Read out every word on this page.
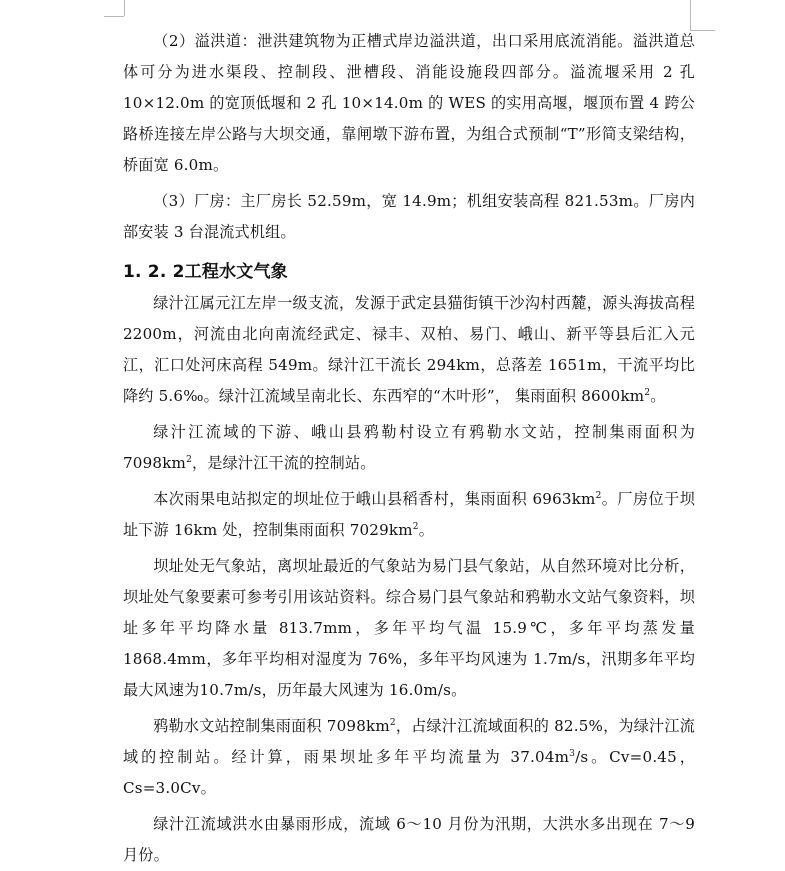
（2）溢洪道：泄洪建筑物为正槽式岸边溢洪道，出口采用底流消能。溢洪道总体可分为进水渠段、控制段、泄槽段、消能设施段四部分。溢流堰采用 2 孔10×12.0m 的宽顶低堰和 2 孔 10×14.0m 的 WES 的实用高堰，堰顶布置 4 跨公路桥连接左岸公路与大坝交通，靠闸墩下游布置，为组合式预制“T”形简支梁结构，桥面宽 6.0m。

（3）厂房：主厂房长 52.59m，宽 14.9m；机组安装高程 821.53m。厂房内部安装 3 台混流式机组。

1. 2. 2工程水文气象

绿汁江属元江左岸一级支流，发源于武定县猫街镇干沙沟村西麓，源头海拔高程 2200m，河流由北向南流经武定、禄丰、双柏、易门、峨山、新平等县后汇入元江，汇口处河床高程 549m。绿汁江干流长 294km，总落差 1651m，干流平均比降约 5.6‰。绿汁江流域呈南北长、东西窄的“木叶形”， 集雨面积 $8600km^2$。

绿汁江流域的下游、峨山县鸦勒村设立有鸦勒水文站，控制集雨面积为$7098km^2$，是绿汁江干流的控制站。

本次雨果电站拟定的坝址位于峨山县稻香村，集雨面积 $6963km^2$。厂房位于坝址下游 16km 处，控制集雨面积 $7029km^2$。

坝址处无气象站，离坝址最近的气象站为易门县气象站，从自然环境对比分析，坝址处气象要素可参考引用该站资料。综合易门县气象站和鸦勒水文站气象资料，坝址多年平均降水量 813.7mm，多年平均气温 15.9℃，多年平均蒸发量 1868.4mm，多年平均相对湿度为 76%，多年平均风速为 1.7m/s，汛期多年平均最大风速为10.7m/s，历年最大风速为 16.0m/s。

鸦勒水文站控制集雨面积 $7098km^2$，占绿汁江流域面积的 82.5%，为绿汁江流域的控制站。经计算，雨果坝址多年平均流量为 $37.04m^3/s$。Cv=0.45，Cs=3.0Cv。

绿汁江流域洪水由暴雨形成，流域 6～10 月份为汛期，大洪水多出现在 7～9 月份。
